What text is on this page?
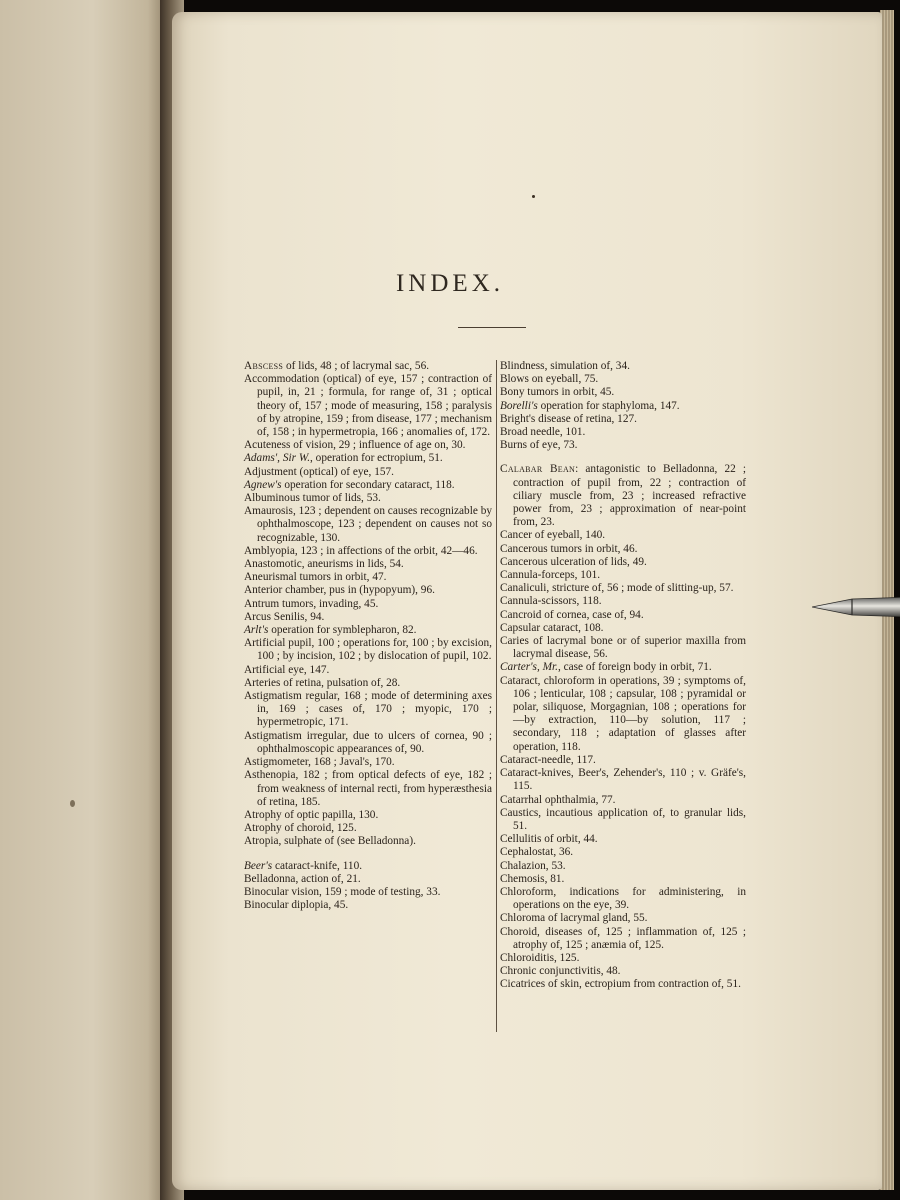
INDEX.

Abscess of lids, 48 ; of lacrymal sac, 56.

Accommodation (optical) of eye, 157 ; contraction of pupil, in, 21 ; formula, for range of, 31 ; optical theory of, 157 ; mode of measuring, 158 ; paralysis of by atropine, 159 ; from disease, 177 ; mechanism of, 158 ; in hypermetropia, 166 ; anomalies of, 172.

Acuteness of vision, 29 ; influence of age on, 30.

Adams', Sir W., operation for ectropium, 51.

Adjustment (optical) of eye, 157.

Agnew's operation for secondary cataract, 118.

Albuminous tumor of lids, 53.

Amaurosis, 123 ; dependent on causes recognizable by ophthalmoscope, 123 ; dependent on causes not so recognizable, 130.

Amblyopia, 123 ; in affections of the orbit, 42—46.

Anastomotic, aneurisms in lids, 54.

Aneurismal tumors in orbit, 47.

Anterior chamber, pus in (hypopyum), 96.

Antrum tumors, invading, 45.

Arcus Senilis, 94.

Arlt's operation for symblepharon, 82.

Artificial pupil, 100 ; operations for, 100 ; by excision, 100 ; by incision, 102 ; by dislocation of pupil, 102.

Artificial eye, 147.

Arteries of retina, pulsation of, 28.

Astigmatism regular, 168 ; mode of determining axes in, 169 ; cases of, 170 ; myopic, 170 ; hypermetropic, 171.

Astigmatism irregular, due to ulcers of cornea, 90 ; ophthalmoscopic appearances of, 90.

Astigmometer, 168 ; Javal's, 170.

Asthenopia, 182 ; from optical defects of eye, 182 ; from weakness of internal recti, from hyperæsthesia of retina, 185.

Atrophy of optic papilla, 130.

Atrophy of choroid, 125.

Atropia, sulphate of (see Belladonna).

Beer's cataract-knife, 110.

Belladonna, action of, 21.

Binocular vision, 159 ; mode of testing, 33.

Binocular diplopia, 45.

Blindness, simulation of, 34.

Blows on eyeball, 75.

Bony tumors in orbit, 45.

Borelli's operation for staphyloma, 147.

Bright's disease of retina, 127.

Broad needle, 101.

Burns of eye, 73.

Calabar Bean: antagonistic to Belladonna, 22 ; contraction of pupil from, 22 ; contraction of ciliary muscle from, 23 ; increased refractive power from, 23 ; approximation of near-point from, 23.

Cancer of eyeball, 140.

Cancerous tumors in orbit, 46.

Cancerous ulceration of lids, 49.

Cannula-forceps, 101.

Canaliculi, stricture of, 56 ; mode of slitting-up, 57.

Cannula-scissors, 118.

Cancroid of cornea, case of, 94.

Capsular cataract, 108.

Caries of lacrymal bone or of superior maxilla from lacrymal disease, 56.

Carter's, Mr., case of foreign body in orbit, 71.

Cataract, chloroform in operations, 39 ; symptoms of, 106 ; lenticular, 108 ; capsular, 108 ; pyramidal or polar, siliquose, Morgagnian, 108 ; operations for—by extraction, 110—by solution, 117 ; secondary, 118 ; adaptation of glasses after operation, 118.

Cataract-needle, 117.

Cataract-knives, Beer's, Zehender's, 110 ; v. Gräfe's, 115.

Catarrhal ophthalmia, 77.

Caustics, incautious application of, to granular lids, 51.

Cellulitis of orbit, 44.

Cephalostat, 36.

Chalazion, 53.

Chemosis, 81.

Chloroform, indications for administering, in operations on the eye, 39.

Chloroma of lacrymal gland, 55.

Choroid, diseases of, 125 ; inflammation of, 125 ; atrophy of, 125 ; anæmia of, 125.

Chloroiditis, 125.

Chronic conjunctivitis, 48.

Cicatrices of skin, ectropium from contraction of, 51.
